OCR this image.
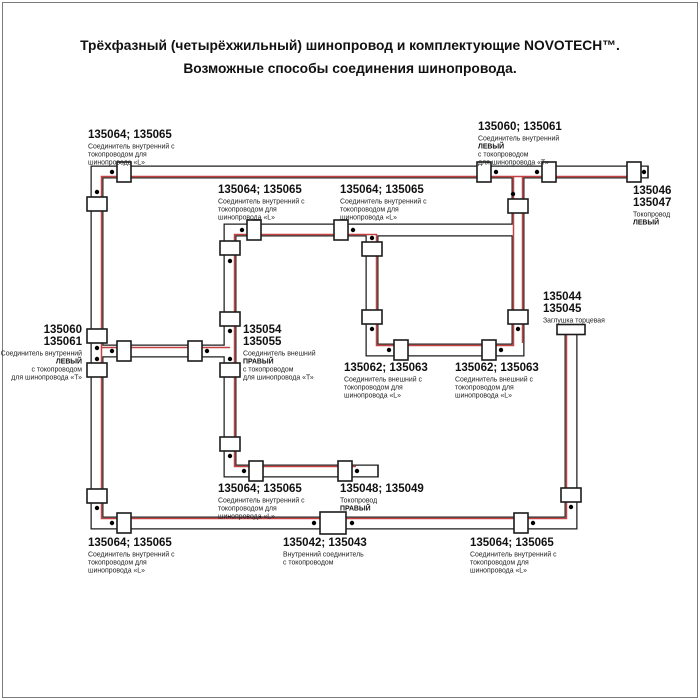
Трёхфазный (четырёхжильный) шинопровод и комплектующие NOVOTECH™.
Возможные способы соединения шинопровода.
135064; 135065 Соединитель внутренний с токопроводом для шинопровода «L»
135064; 135065 Соединитель внутренний с токопроводом для шинопровода «L»
135064; 135065 Соединитель внутренний с токопроводом для шинопровода «L»
135060; 135061 Соединитель внутренний ЛЕВЫЙ с токопроводом для шинопровода «Т»
135046 135047 Токопровод ЛЕВЫЙ
135060 135061 Соединитель внутренний ЛЕВЫЙ с токопроводом для шинопровода «Т»
135054 135055 Соединитель внешний ПРАВЫЙ с токопроводом для шинопровода «Т»
135062; 135063 Соединитель внешний с токопроводом для шинопровода «L»
135062; 135063 Соединитель внешний с токопроводом для шинопровода «L»
135044 135045 Заглушка торцевая
135064; 135065 Соединитель внутренний с токопроводом для шинопровода «L»
135048; 135049 Токопровод ПРАВЫЙ
135064; 135065 Соединитель внутренний с токопроводом для шинопровода «L»
135042; 135043 Внутренний соединитель с токопроводом
135064; 135065 Соединитель внутренний с токопроводом для шинопровода «L»
